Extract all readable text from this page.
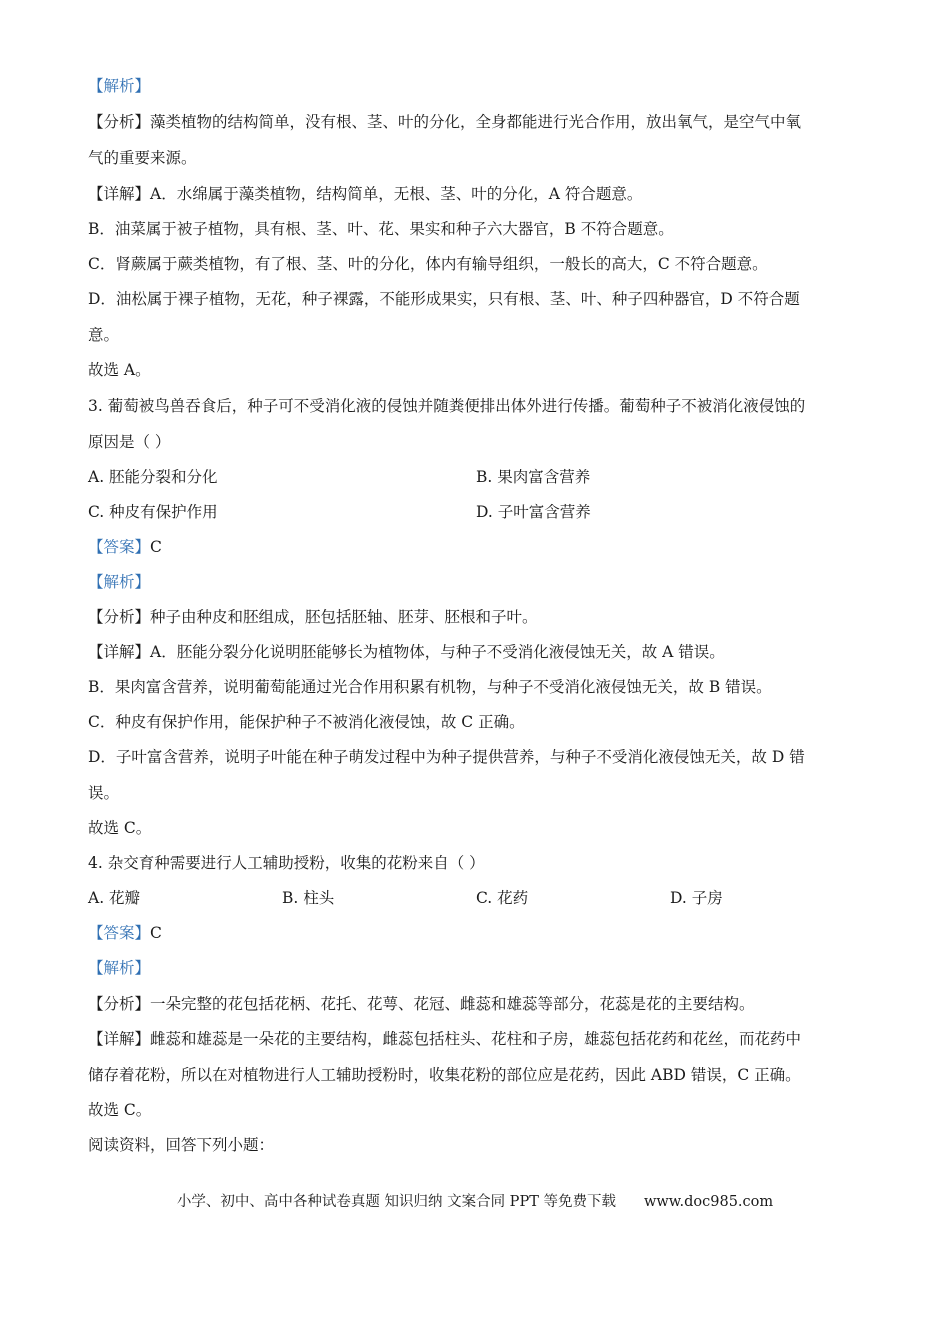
【解析】
【分析】藻类植物的结构简单，没有根、茎、叶的分化，全身都能进行光合作用，放出氧气，是空气中氧
气的重要来源。
【详解】A．水绵属于藻类植物，结构简单，无根、茎、叶的分化，A 符合题意。
B．油菜属于被子植物，具有根、茎、叶、花、果实和种子六大器官，B 不符合题意。
C．肾蕨属于蕨类植物，有了根、茎、叶的分化，体内有输导组织，一般长的高大，C 不符合题意。
D．油松属于裸子植物，无花，种子裸露，不能形成果实，只有根、茎、叶、种子四种器官，D 不符合题
意。
故选 A。
3. 葡萄被鸟兽吞食后，种子可不受消化液的侵蚀并随粪便排出体外进行传播。葡萄种子不被消化液侵蚀的
原因是（ ）
A. 胚能分裂和分化	B. 果肉富含营养
C. 种皮有保护作用	D. 子叶富含营养
【答案】C
【解析】
【分析】种子由种皮和胚组成，胚包括胚轴、胚芽、胚根和子叶。
【详解】A．胚能分裂分化说明胚能够长为植物体，与种子不受消化液侵蚀无关，故 A 错误。
B．果肉富含营养，说明葡萄能通过光合作用积累有机物，与种子不受消化液侵蚀无关，故 B 错误。
C．种皮有保护作用，能保护种子不被消化液侵蚀，故 C 正确。
D．子叶富含营养，说明子叶能在种子萌发过程中为种子提供营养，与种子不受消化液侵蚀无关，故 D 错
误。
故选 C。
4. 杂交育种需要进行人工辅助授粉，收集的花粉来自（ ）
A. 花瓣	B. 柱头	C. 花药	D. 子房
【答案】C
【解析】
【分析】一朵完整的花包括花柄、花托、花萼、花冠、雌蕊和雄蕊等部分，花蕊是花的主要结构。
【详解】雌蕊和雄蕊是一朵花的主要结构，雌蕊包括柱头、花柱和子房，雄蕊包括花药和花丝，而花药中
储存着花粉，所以在对植物进行人工辅助授粉时，收集花粉的部位应是花药，因此 ABD 错误，C 正确。
故选 C。
阅读资料，回答下列小题：
小学、初中、高中各种试卷真题 知识归纳 文案合同 PPT 等免费下载 www.doc985.com
